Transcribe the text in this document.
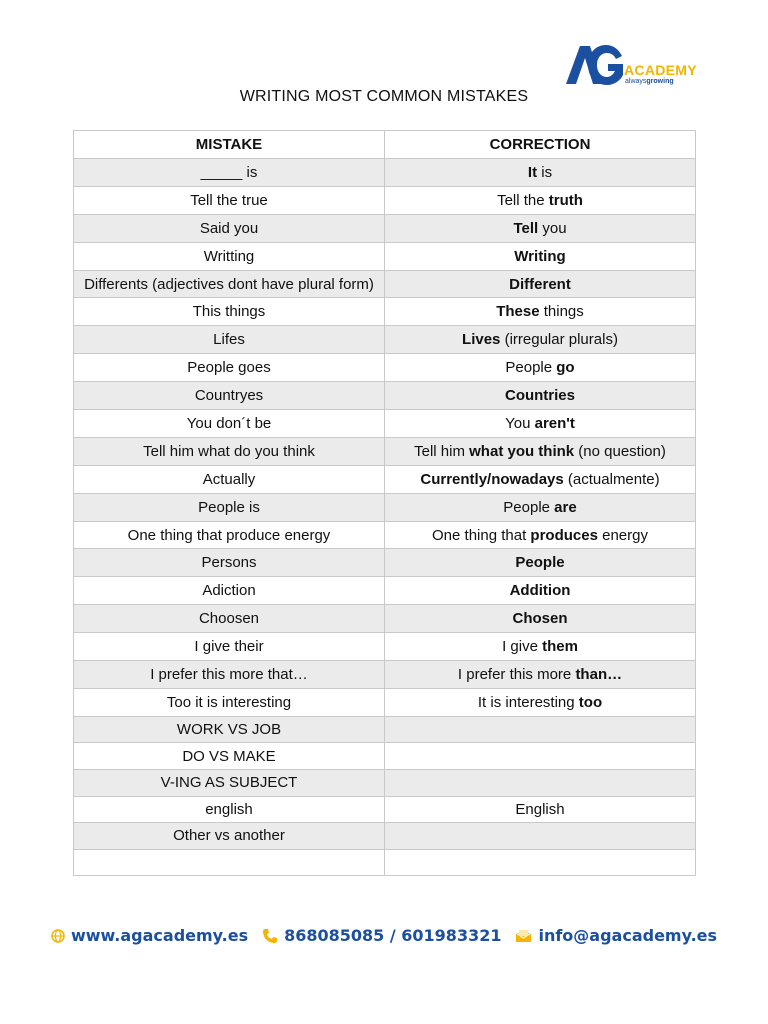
ACADEMY
alwaysgrowing
WRITING MOST COMMON MISTAKES
MISTAKE	CORRECTION
_____ is	It is
Tell the true	Tell the truth
Said you	Tell you
Writting	Writing
Differents (adjectives dont have plural form)	Different
This things	These things
Lifes	Lives (irregular plurals)
People goes	People go
Countryes	Countries
You don´t be	You aren't
Tell him what do you think	Tell him what you think (no question)
Actually	Currently/nowadays (actualmente)
People is	People are
One thing that produce energy	One thing that produces energy
Persons	People
Adiction	Addition
Choosen	Chosen
I give their	I give them
I prefer this more that…	I prefer this more than…
Too it is interesting	It is interesting too
WORK VS JOB	
DO VS MAKE	
V-ING AS SUBJECT	
english	English
Other vs another	

www.agacademy.es 868085085 / 601983321 info@agacademy.es
